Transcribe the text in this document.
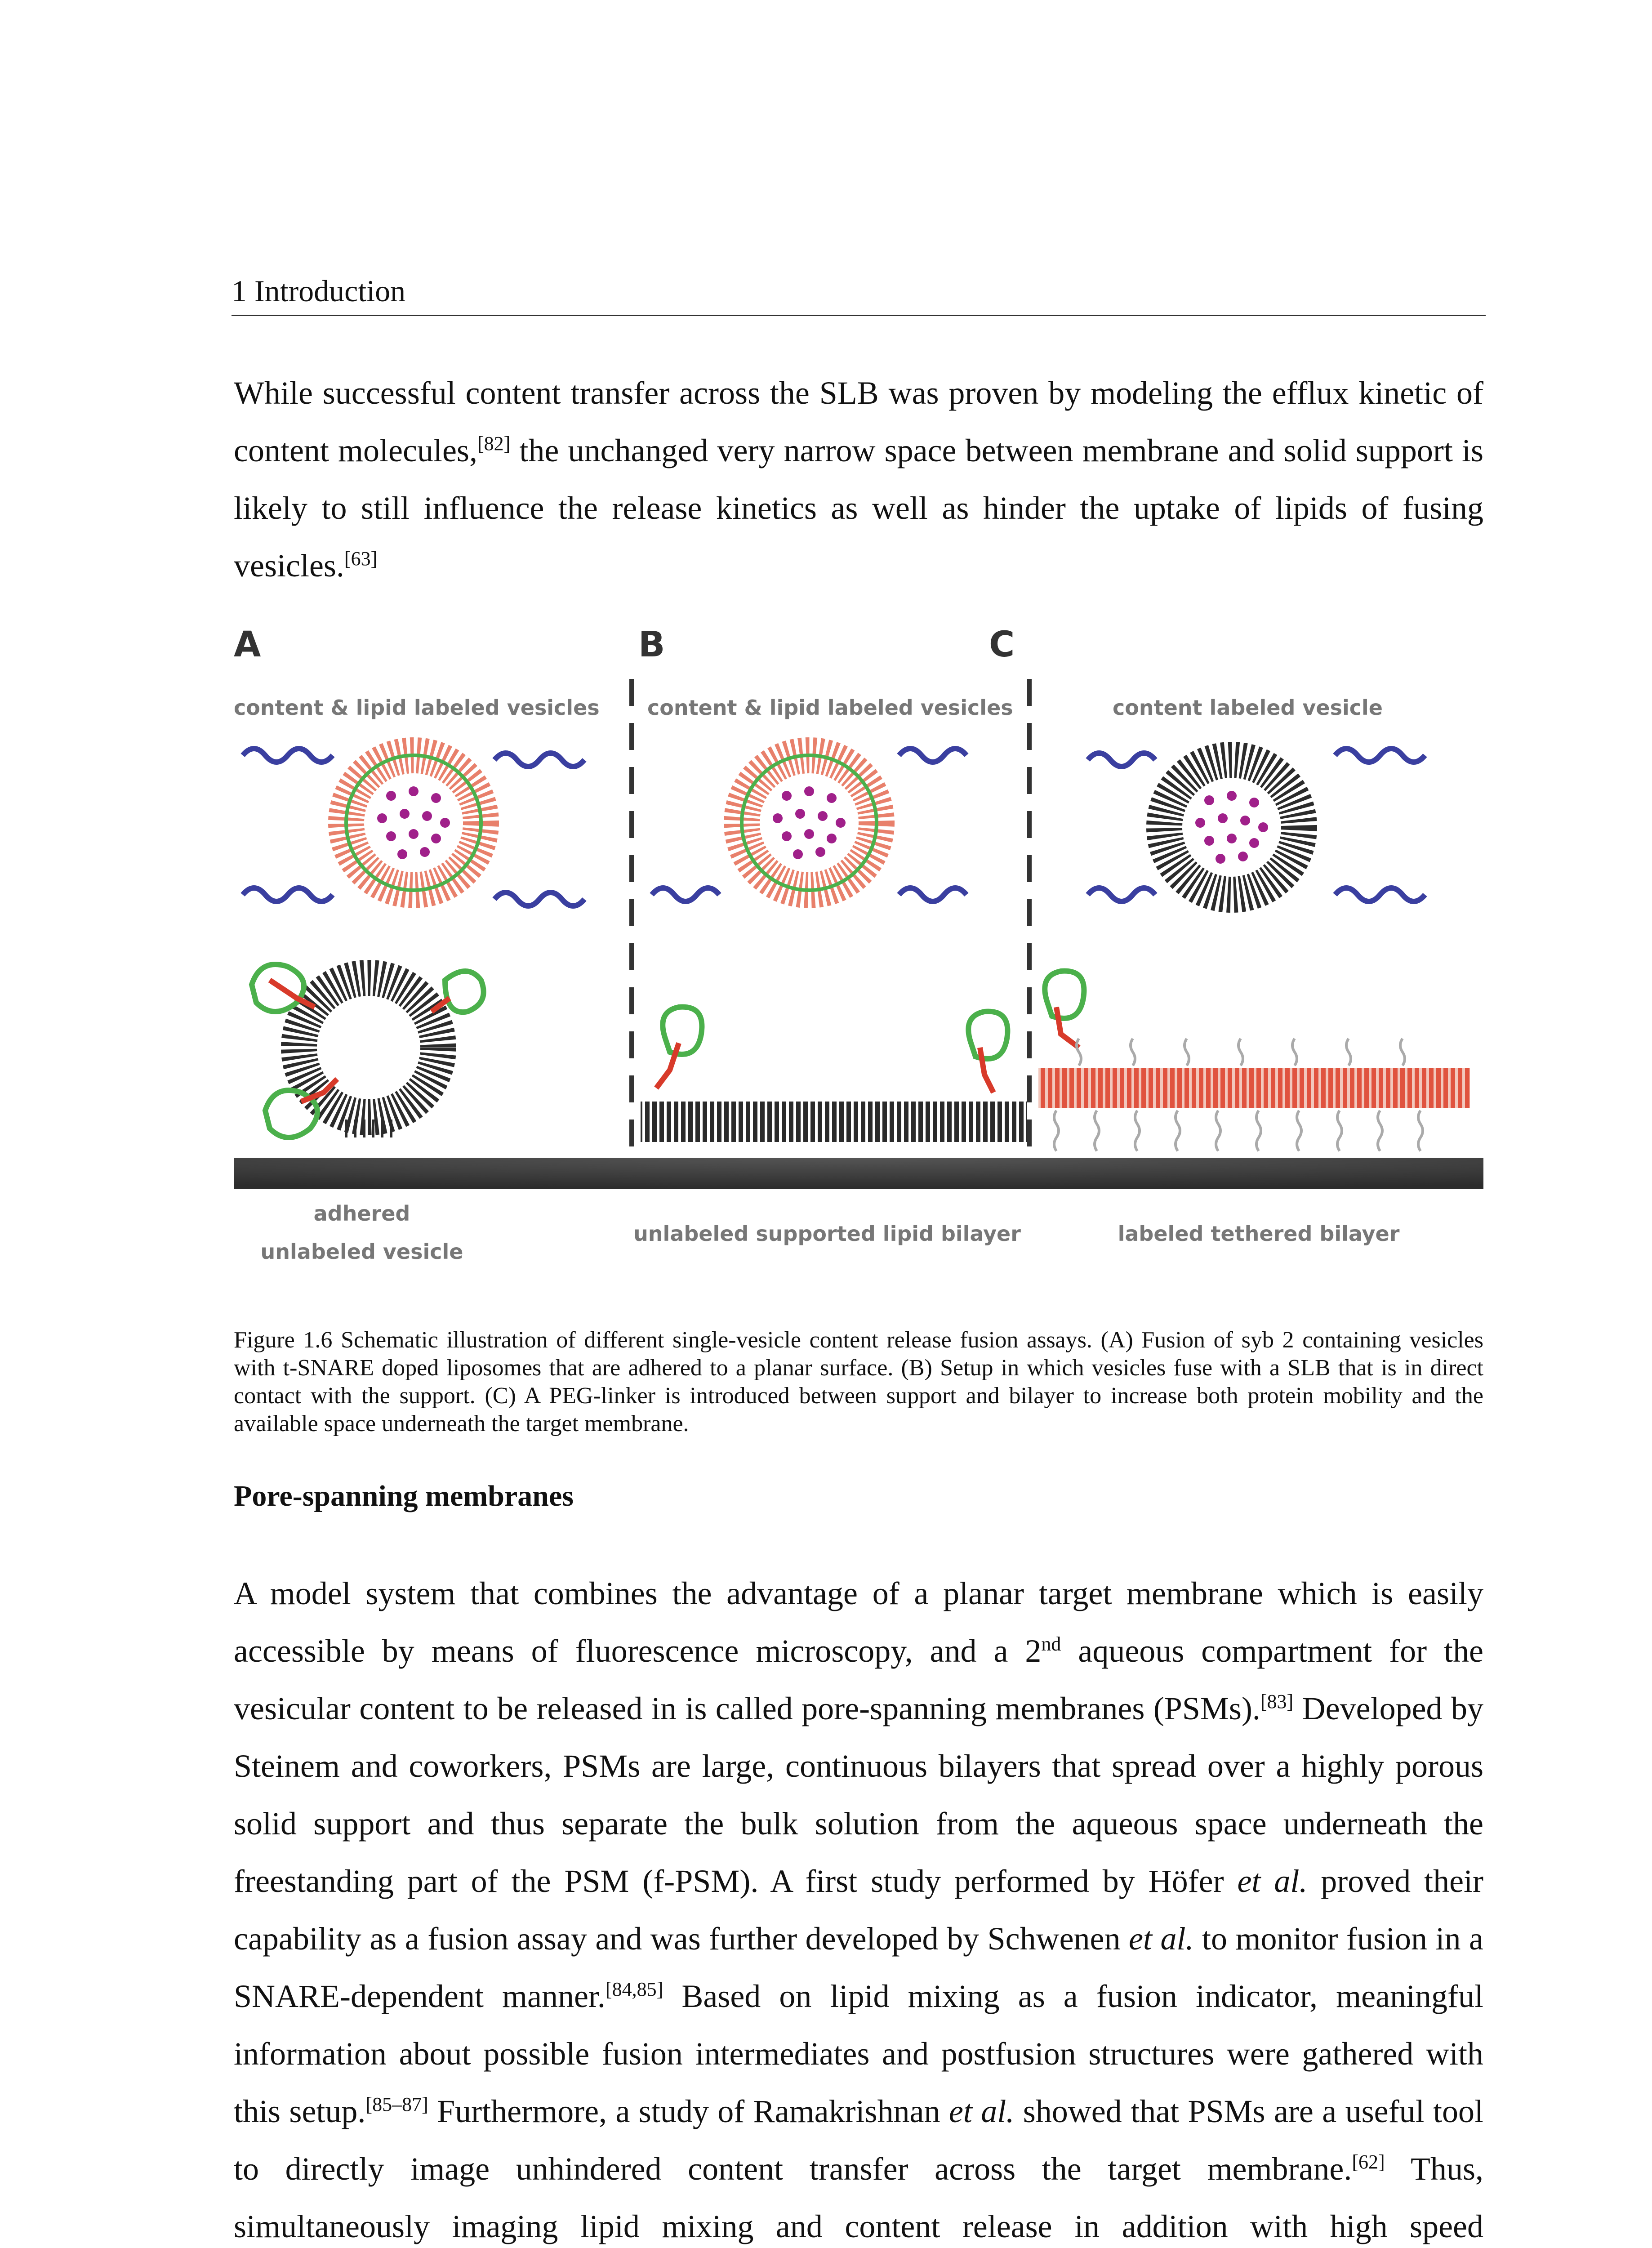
1 Introduction

While successful content transfer across the SLB was proven by modeling the efflux kinetic of content molecules,[82] the unchanged very narrow space between membrane and solid support is likely to still influence the release kinetics as well as hinder the uptake of lipids of fusing vesicles.[63]

A	B	C
content & lipid labeled vesicles content & lipid labeled vesicles	content labeled vesicle
adhered
unlabeled vesicle
unlabeled supported lipid bilayer	labeled tethered bilayer

Figure 1.6 Schematic illustration of different single-vesicle content release fusion assays. (A) Fusion of syb 2 containing vesicles with t-SNARE doped liposomes that are adhered to a planar surface. (B) Setup in which vesicles fuse with a SLB that is in direct contact with the support. (C) A PEG-linker is introduced between support and bilayer to increase both protein mobility and the available space underneath the target membrane.

Pore-spanning membranes

A model system that combines the advantage of a planar target membrane which is easily accessible by means of fluorescence microscopy, and a 2nd aqueous compartment for the vesicular content to be released in is called pore-spanning membranes (PSMs).[83] Developed by Steinem and coworkers, PSMs are large, continuous bilayers that spread over a highly porous solid support and thus separate the bulk solution from the aqueous space underneath the freestanding part of the PSM (f-PSM). A first study performed by Höfer et al. proved their capability as a fusion assay and was further developed by Schwenen et al. to monitor fusion in a SNARE-dependent manner.[84,85] Based on lipid mixing as a fusion indicator, meaningful information about possible fusion intermediates and postfusion structures were gathered with this setup.[85–87] Furthermore, a study of Ramakrishnan et al. showed that PSMs are a useful tool to directly image unhindered content transfer across the target membrane.[62] Thus, simultaneously imaging lipid mixing and content release in addition with high speed
